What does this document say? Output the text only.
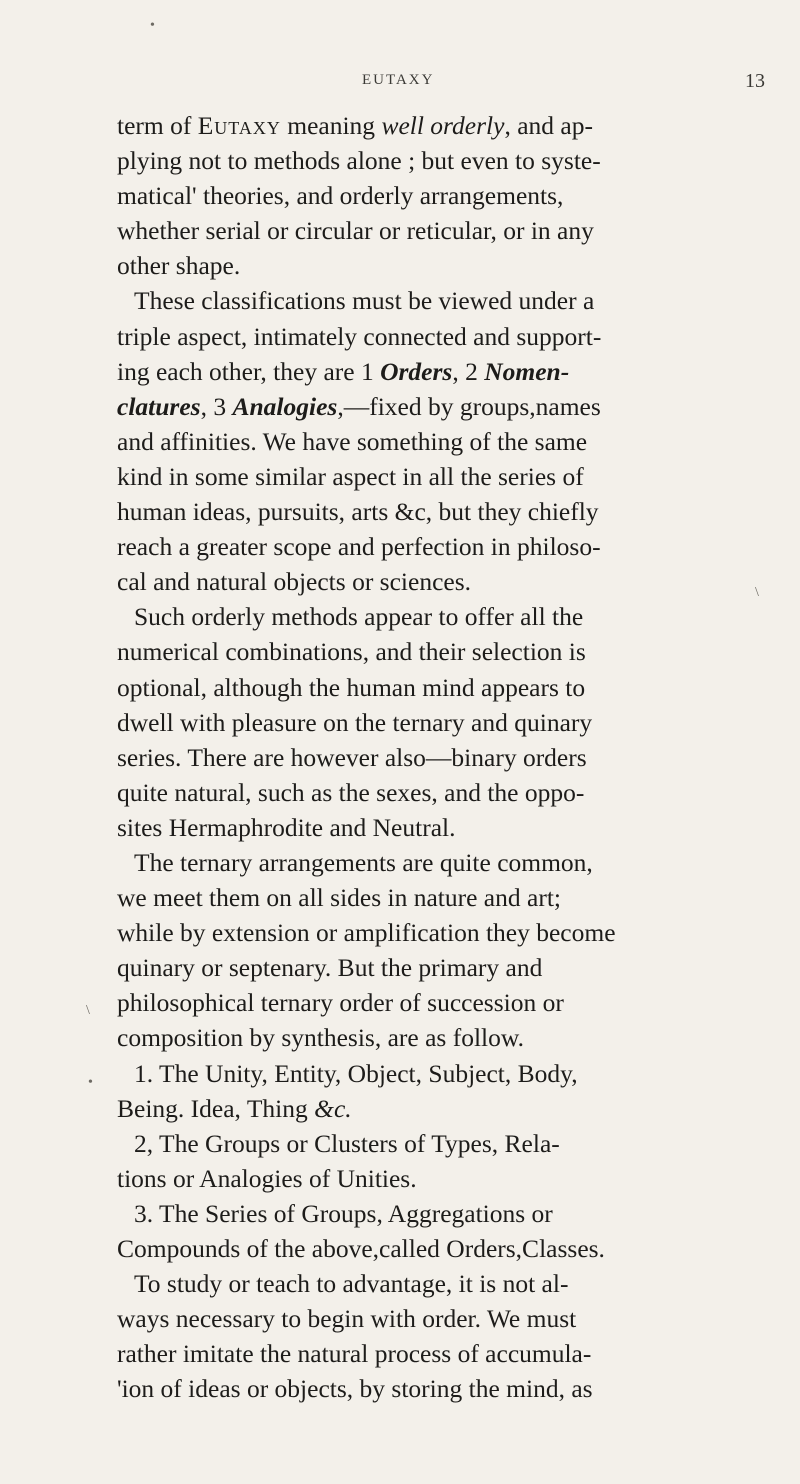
EUTAXY	13
term of Eutaxy meaning well orderly, and ap-
plying not to methods alone ; but even to syste-
matical' theories, and orderly arrangements,
whether serial or circular or reticular, or in any
other shape.
These classifications must be viewed under a
triple aspect, intimately connected and support-
ing each other, they are 1 Orders, 2 Nomen-
clatures, 3 Analogies,—fixed by groups,names
and affinities. We have something of the same
kind in some similar aspect in all the series of
human ideas, pursuits, arts &c, but they chiefly
reach a greater scope and perfection in philoso-
cal and natural objects or sciences.
Such orderly methods appear to offer all the
numerical combinations, and their selection is
optional, although the human mind appears to
dwell with pleasure on the ternary and quinary
series. There are however also—binary orders
quite natural, such as the sexes, and the oppo-
sites Hermaphrodite and Neutral.
The ternary arrangements are quite common,
we meet them on all sides in nature and art;
while by extension or amplification they become
quinary or septenary. But the primary and
philosophical ternary order of succession or
composition by synthesis, are as follow.
1. The Unity, Entity, Object, Subject, Body,
Being. Idea, Thing &c.
2, The Groups or Clusters of Types, Rela-
tions or Analogies of Unities.
3. The Series of Groups, Aggregations or
Compounds of the above,called Orders,Classes.
To study or teach to advantage, it is not al-
ways necessary to begin with order. We must
rather imitate the natural process of accumula-
'ion of ideas or objects, by storing the mind, as
•
\
\
•
